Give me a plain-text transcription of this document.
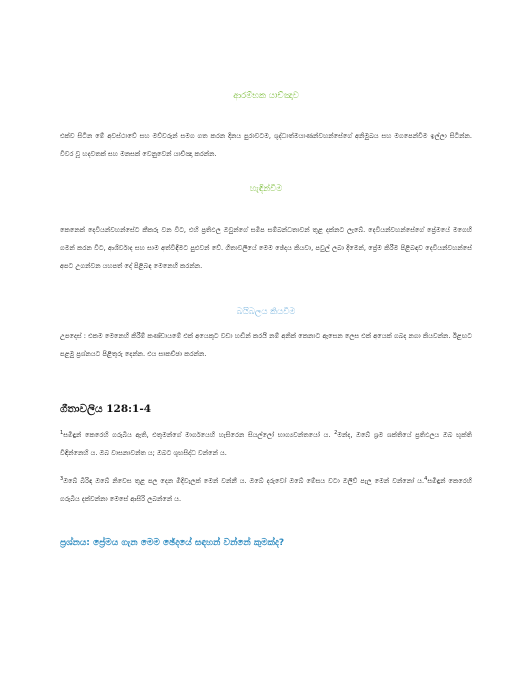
ආරම්භක යාච්ඤාව
එක්ව සිටින මේ අවස්ථාවේ සහ මව්වරුන් සමග ගත කරන දිනය පුරාවටම, ශුද්ධාත්මයාණන්වහන්සේගේ අනිමුඛය සහ මගපෙන්වීම ඉල්ලා සිටින්න. විවර වූ හදවතක් සහ මනසක් වෙනුවෙන් යාච්ඤා කරන්න.
හැඳින්වීම
කෙනෙක් දෙවියන්වහන්සේට කීකරු වන විට, එහි ප්‍රතිඵල ඔවුන්ගේ සමීප සම්බන්ධතාවන් තුළ දක්නට ලැබේ. දෙවියන්වහන්සේගේ ප්‍රේමයේ මගෙහි ගමන් කරන විට, ආශිර්වාද සහ සාම අත්විඳීමට පුළුවන් වේ. ගීතාවලියේ මෙම ඡේදය කියවා, පවුල් ලබා දීමෙන්, ප්‍රේම කිරීම පිළිබඳව දෙවියන්වහන්සේ අපට උගන්වන යහපත් දේ පිළිබඳ මෙනෙහි කරන්න.
බයිබලය කියවීම
උපදෙස් : එකම මෙනෙහි කිරීම් කණ්ඩායමේ එක් අයෙකුට වඩා හඬින් කරයි නම් අනික් කෙනාට ඇසෙන ලෙස එක් අයෙක් ගබද නගා කියවන්න. ඊළඟට පළමු ප්‍රශ්නයට පිළිතුරු දෙන්න. එය සාකච්ඡා කරන්න.
ගීතාවලිය 128:1-4
$^1$සමිඳුන් කෙරෙහි ගරුබිය ඇති, එතුමන්ගේ මාර්ගයෙහි හැසිරෙන සියල්ලෝ භාග්‍යවන්තයෝ ය. $^2$මන්ද, ඔබේ ශ්‍රම ශක්තියේ ප්‍රතිඵලය ඔබ භුක්ති විඳින්නෙහි ය. ඔබ වාසනාවන්ත ය; ඔබට ශුභසිද්ධ වන්නේ ය.
$^3$ඔබේ බිරිඳ ඔබේ නිවෙස තුළ පල දෙන මිදිවැලක් මෙන් වන්නී ය. ඔබේ දරුවෝ ඔබේ මේසය වටා ඔලිව් පැල මෙන් වන්නෝ ය.$^4$සමිඳුන් කෙරෙහි ගරුබිය දක්වන්නා මෙසේ ආසිරි ලබන්නේ ය.
ප්‍රශ්නය: ප්‍රේමය ගැන මෙම ඡේදයේ සඳහන් වන්නේ කුමක්ද?
